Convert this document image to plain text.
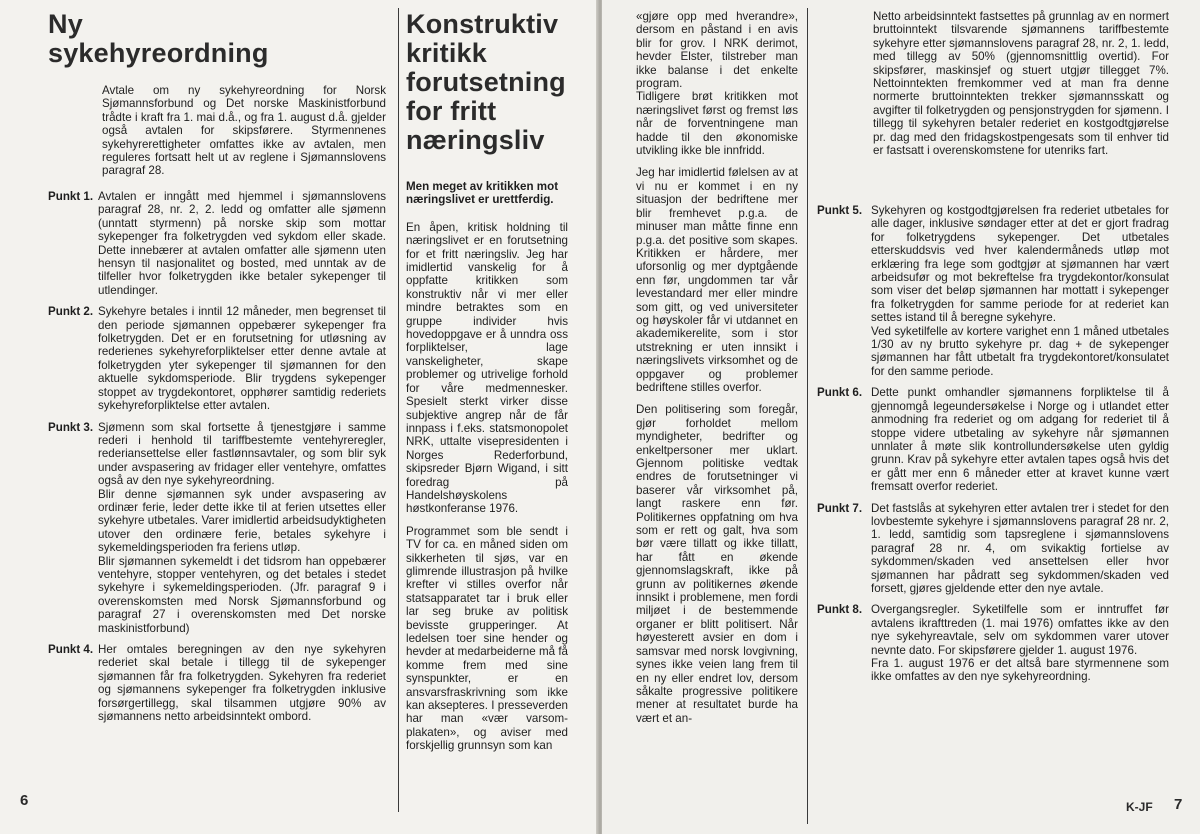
Ny sykehyreordning

Avtale om ny sykehyreordning for Norsk Sjømannsforbund og Det norske Maskinistforbund trådte i kraft fra 1. mai d.å., og fra 1. august d.å. gjelder også avtalen for skipsførere. Styrmennenes sykehyrerettigheter omfattes ikke av avtalen, men reguleres fortsatt helt ut av reglene i Sjømannslovens paragraf 28.

Punkt 1. Avtalen er inngått med hjemmel i sjømannslovens paragraf 28, nr. 2, 2. ledd og omfatter alle sjømenn (unntatt styrmenn) på norske skip som mottar sykepenger fra folketrygden ved sykdom eller skade. Dette innebærer at avtalen omfatter alle sjømenn uten hensyn til nasjonalitet og bosted, med unntak av de tilfeller hvor folketrygden ikke betaler sykepenger til utlendinger.

Punkt 2. Sykehyre betales i inntil 12 måneder, men begrenset til den periode sjømannen oppebærer sykepenger fra folketrygden. Det er en forutsetning for utløsning av rederienes sykehyreforpliktelser etter denne avtale at folketrygden yter sykepenger til sjømannen for den aktuelle sykdomsperiode. Blir trygdens sykepenger stoppet av trygdekontoret, opphører samtidig rederiets sykehyreforpliktelse etter avtalen.

Punkt 3. Sjømenn som skal fortsette å tjenestgjøre i samme rederi i henhold til tariffbestemte ventehyreregler, rederiansettelse eller fastlønnsavtaler, og som blir syk under avspasering av fridager eller ventehyre, omfattes også av den nye sykehyreordning.

Blir denne sjømannen syk under avspasering av ordinær ferie, leder dette ikke til at ferien utsettes eller sykehyre utbetales. Varer imidlertid arbeidsudyktigheten utover den ordinære ferie, betales sykehyre i sykemeldingsperioden fra feriens utløp.

Blir sjømannen sykemeldt i det tidsrom han oppebærer ventehyre, stopper ventehyren, og det betales i stedet sykehyre i sykemeldingsperioden. (Jfr. paragraf 9 i overenskomsten med Norsk Sjømannsforbund og paragraf 27 i overenskomsten med Det norske maskinistforbund)

Punkt 4. Her omtales beregningen av den nye sykehyren rederiet skal betale i tillegg til de sykepenger sjømannen får fra folketrygden. Sykehyren fra rederiet og sjømannens sykepenger fra folketrygden inklusive forsørgertillegg, skal tilsammen utgjøre 90% av sjømannens netto arbeidsinntekt ombord.

Konstruktiv kritikk forutsetning for fritt næringsliv

Men meget av kritikken mot næringslivet er urettferdig.

En åpen, kritisk holdning til næringslivet er en forutsetning for et fritt næringsliv. Jeg har imidlertid vanskelig for å oppfatte kritikken som konstruktiv når vi mer eller mindre betraktes som en gruppe individer hvis hovedoppgave er å unndra oss forpliktelser, lage vanskeligheter, skape problemer og utrivelige forhold for våre medmennesker. Spesielt sterkt virker disse subjektive angrep når de får innpass i f.eks. statsmonopolet NRK, uttalte visepresidenten i Norges Rederforbund, skipsreder Bjørn Wigand, i sitt foredrag på Handelshøyskolens høstkonferanse 1976.

Programmet som ble sendt i TV for ca. en måned siden om sikkerheten til sjøs, var en glimrende illustrasjon på hvilke krefter vi stilles overfor når statsapparatet tar i bruk eller lar seg bruke av politisk bevisste grupperinger. At ledelsen toer sine hender og hevder at medarbeiderne må få komme frem med sine synspunkter, er en ansvarsfraskrivning som ikke kan aksepteres. I presseverden har man «vær varsom-plakaten», og aviser med forskjellig grunnsyn som kan

6

«gjøre opp med hverandre», dersom en påstand i en avis blir for grov. I NRK derimot, hevder Elster, tilstreber man ikke balanse i det enkelte program.

Tidligere brøt kritikken mot næringslivet først og fremst løs når de forventningene man hadde til den økonomiske utvikling ikke ble innfridd.

Jeg har imidlertid følelsen av at vi nu er kommet i en ny situasjon der bedriftene mer blir fremhevet p.g.a. de minuser man måtte finne enn p.g.a. det positive som skapes. Kritikken er hårdere, mer uforsonlig og mer dyptgående enn før, ungdommen tar vår levestandard mer eller mindre som gitt, og ved universiteter og høyskoler får vi utdannet en akademikerelite, som i stor utstrekning er uten innsikt i næringslivets virksomhet og de oppgaver og problemer bedriftene stilles overfor.

Den politisering som foregår, gjør forholdet mellom myndigheter, bedrifter og enkeltpersoner mer uklart. Gjennom politiske vedtak endres de forutsetninger vi baserer vår virksomhet på, langt raskere enn før. Politikernes oppfatning om hva som er rett og galt, hva som bør være tillatt og ikke tillatt, har fått en økende gjennomslagskraft, ikke på grunn av politikernes økende innsikt i problemene, men fordi miljøet i de bestemmende organer er blitt politisert. Når høyesterett avsier en dom i samsvar med norsk lovgivning, synes ikke veien lang frem til en ny eller endret lov, dersom såkalte progressive politikere mener at resultatet burde ha vært et an-

Netto arbeidsinntekt fastsettes på grunnlag av en normert bruttoinntekt tilsvarende sjømannens tariffbestemte sykehyre etter sjømannslovens paragraf 28, nr. 2, 1. ledd, med tillegg av 50% (gjennomsnittlig overtid). For skipsfører, maskinsjef og stuert utgjør tillegget 7%. Nettoinntekten fremkommer ved at man fra denne normerte bruttoinntekten trekker sjømannsskatt og avgifter til folketrygden og pensjonstrygden for sjømenn. I tillegg til sykehyren betaler rederiet en kostgodtgjørelse pr. dag med den fridagskostpengesats som til enhver tid er fastsatt i overenskomstene for utenriks fart.

Punkt 5. Sykehyren og kostgodtgjørelsen fra rederiet utbetales for alle dager, inklusive søndager etter at det er gjort fradrag for folketrygdens sykepenger. Det utbetales etterskuddsvis ved hver kalendermåneds utløp mot erklæring fra lege som godtgjør at sjømannen har vært arbeidsufør og mot bekreftelse fra trygdekontor/konsulat som viser det beløp sjømannen har mottatt i sykepenger fra folketrygden for samme periode for at rederiet kan settes istand til å beregne sykehyre.

Ved syketilfelle av kortere varighet enn 1 måned utbetales 1/30 av ny brutto sykehyre pr. dag + de sykepenger sjømannen har fått utbetalt fra trygdekontoret/konsulatet for den samme periode.

Punkt 6. Dette punkt omhandler sjømannens forpliktelse til å gjennomgå legeundersøkelse i Norge og i utlandet etter anmodning fra rederiet og om adgang for rederiet til å stoppe videre utbetaling av sykehyre når sjømannen unnlater å møte slik kontrollundersøkelse uten gyldig grunn. Krav på sykehyre etter avtalen tapes også hvis det er gått mer enn 6 måneder etter at kravet kunne vært fremsatt overfor rederiet.

Punkt 7. Det fastslås at sykehyren etter avtalen trer i stedet for den lovbestemte sykehyre i sjømannslovens paragraf 28 nr. 2, 1. ledd, samtidig som tapsreglene i sjømannslovens paragraf 28 nr. 4, om svikaktig fortielse av sykdommen/skaden ved ansettelsen eller hvor sjømannen har pådratt seg sykdommen/skaden ved forsett, gjøres gjeldende etter den nye avtale.

Punkt 8. Overgangsregler. Syketilfelle som er inntruffet før avtalens ikrafttreden (1. mai 1976) omfattes ikke av den nye sykehyreavtale, selv om sykdommen varer utover nevnte dato. For skipsførere gjelder 1. august 1976.

Fra 1. august 1976 er det altså bare styrmennene som ikke omfattes av den nye sykehyreordning.

K-JF 7
